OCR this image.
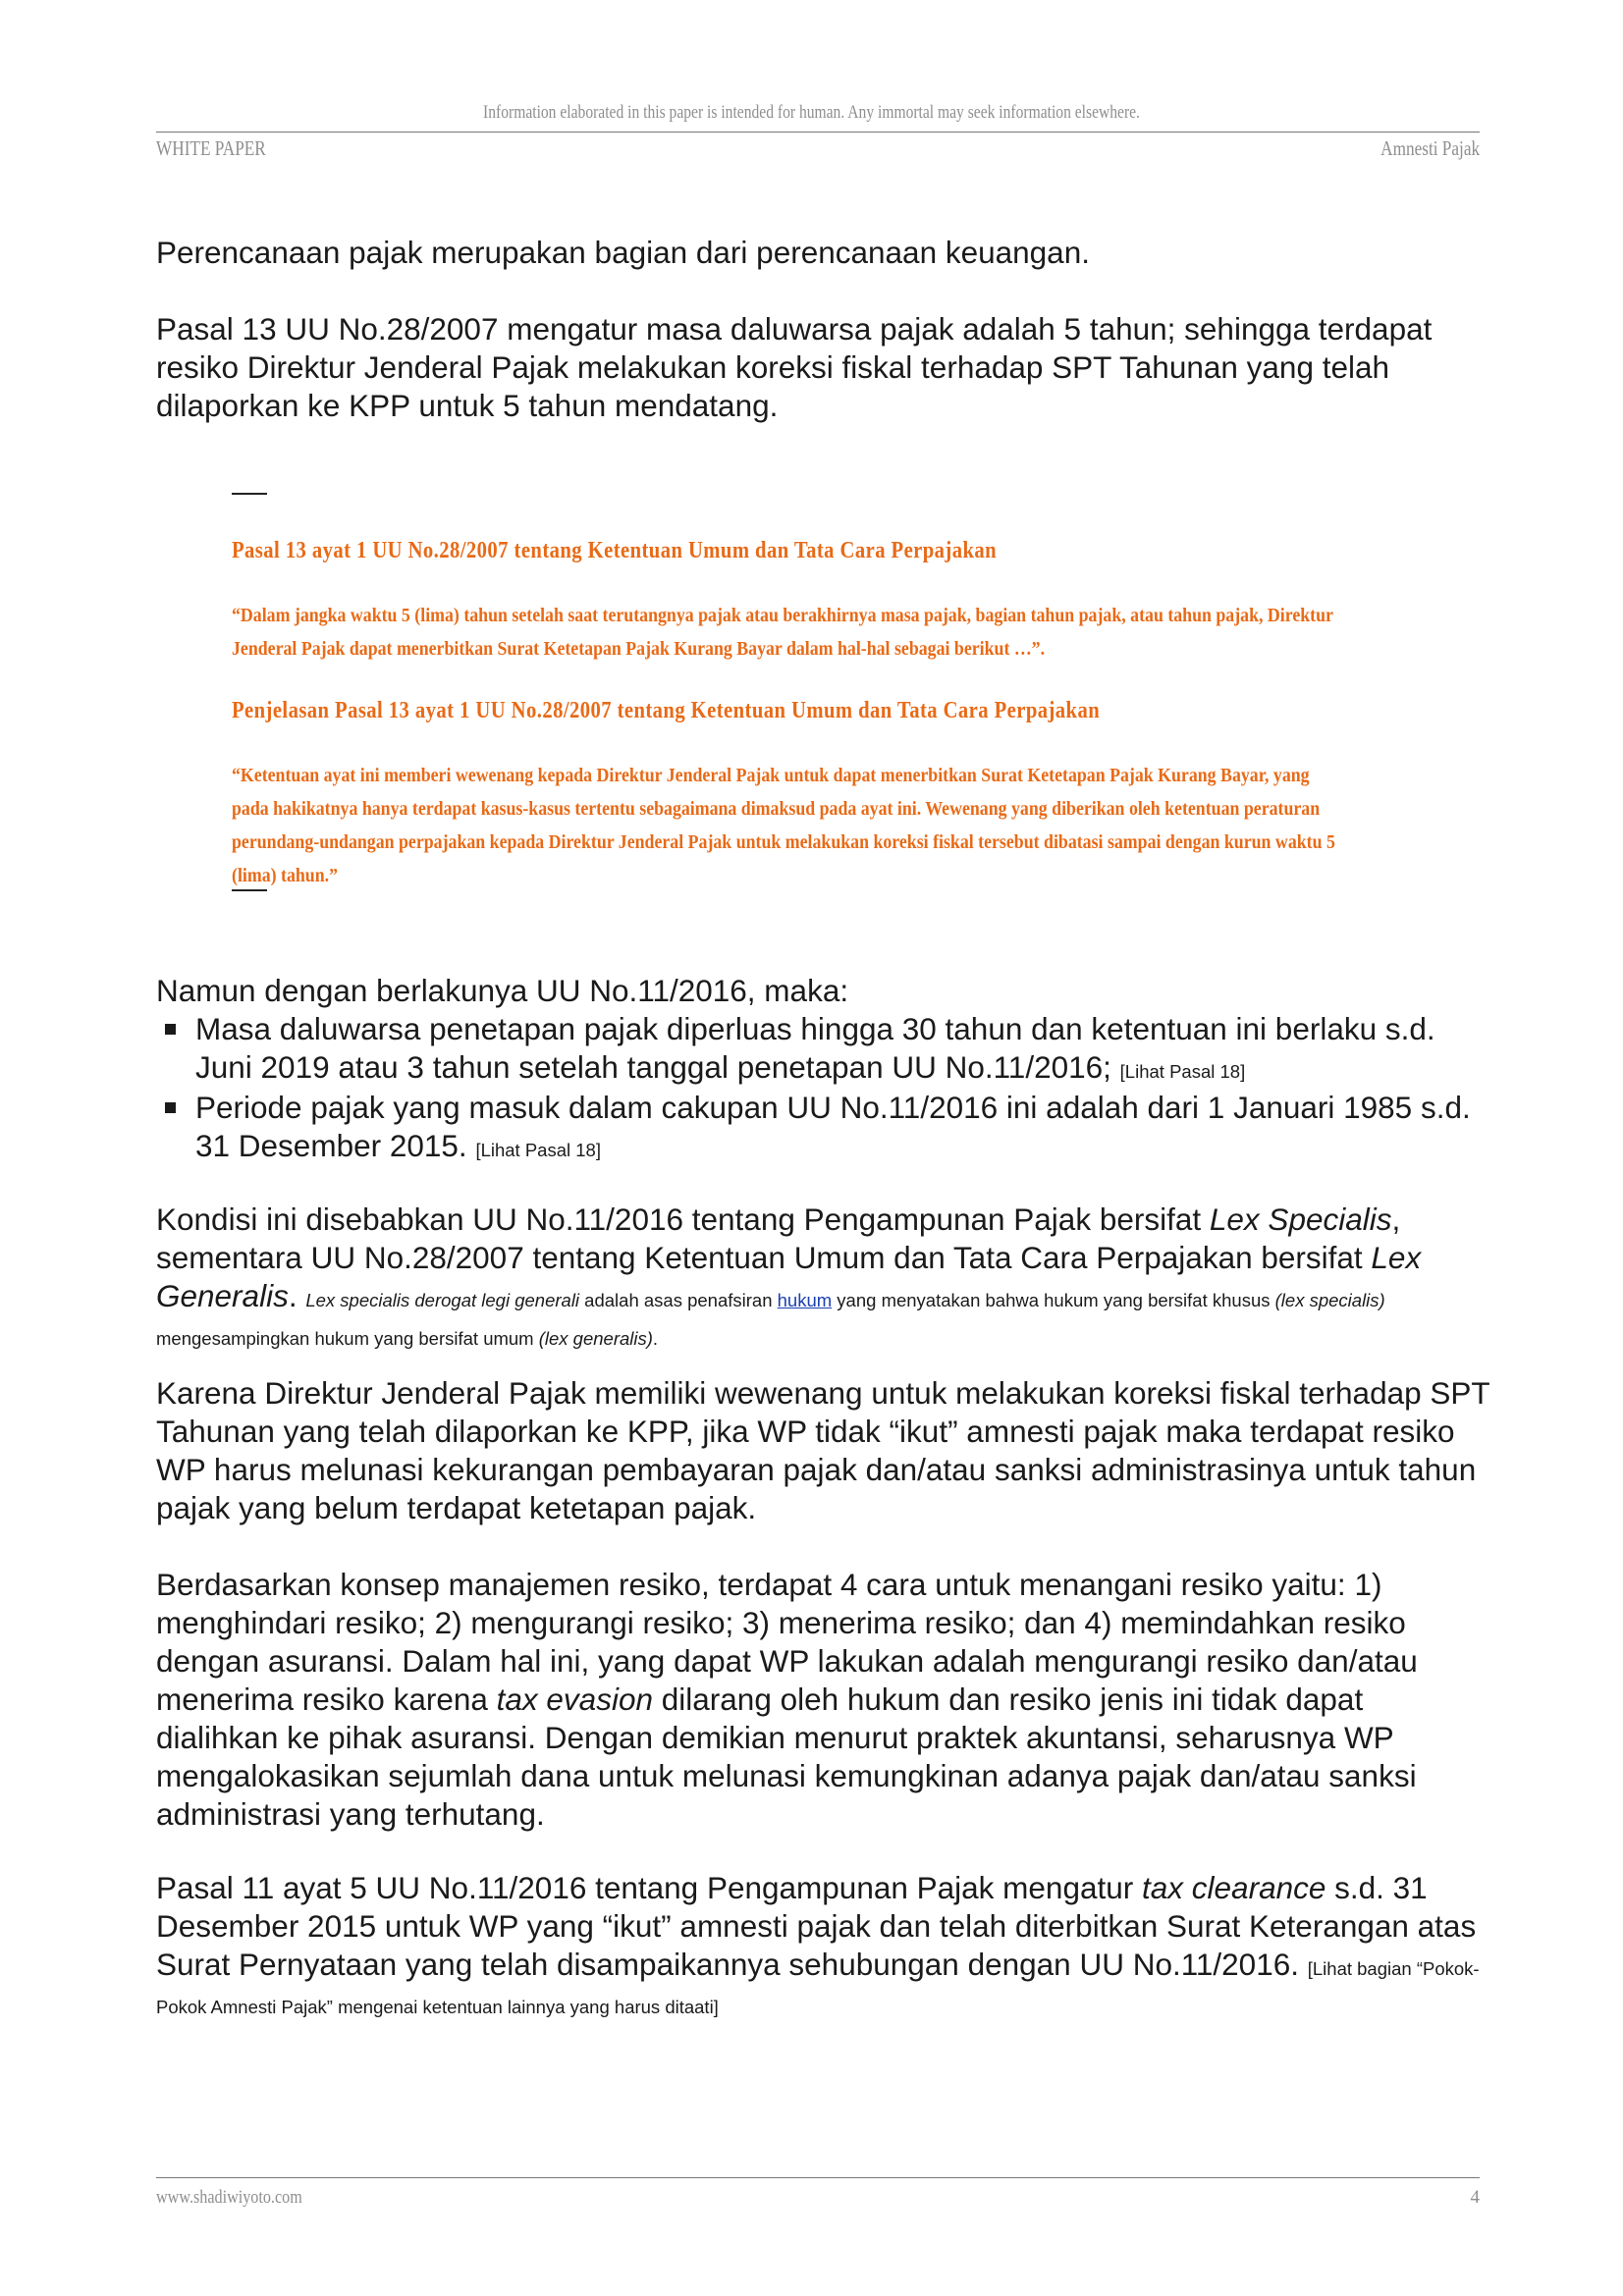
Information elaborated in this paper is intended for human. Any immortal may seek information elsewhere.
WHITE PAPER	Amnesti Pajak

Perencanaan pajak merupakan bagian dari perencanaan keuangan.

Pasal 13 UU No.28/2007 mengatur masa daluwarsa pajak adalah 5 tahun; sehingga terdapat resiko Direktur Jenderal Pajak melakukan koreksi fiskal terhadap SPT Tahunan yang telah dilaporkan ke KPP untuk 5 tahun mendatang.

Pasal 13 ayat 1 UU No.28/2007 tentang Ketentuan Umum dan Tata Cara Perpajakan

“Dalam jangka waktu 5 (lima) tahun setelah saat terutangnya pajak atau berakhirnya masa pajak, bagian tahun pajak, atau tahun pajak, Direktur Jenderal Pajak dapat menerbitkan Surat Ketetapan Pajak Kurang Bayar dalam hal-hal sebagai berikut …”.

Penjelasan Pasal 13 ayat 1 UU No.28/2007 tentang Ketentuan Umum dan Tata Cara Perpajakan

“Ketentuan ayat ini memberi wewenang kepada Direktur Jenderal Pajak untuk dapat menerbitkan Surat Ketetapan Pajak Kurang Bayar, yang pada hakikatnya hanya terdapat kasus-kasus tertentu sebagaimana dimaksud pada ayat ini. Wewenang yang diberikan oleh ketentuan peraturan perundang-undangan perpajakan kepada Direktur Jenderal Pajak untuk melakukan koreksi fiskal tersebut dibatasi sampai dengan kurun waktu 5 (lima) tahun.”

Namun dengan berlakunya UU No.11/2016, maka:

Masa daluwarsa penetapan pajak diperluas hingga 30 tahun dan ketentuan ini berlaku s.d. Juni 2019 atau 3 tahun setelah tanggal penetapan UU No.11/2016; [Lihat Pasal 18]
Periode pajak yang masuk dalam cakupan UU No.11/2016 ini adalah dari 1 Januari 1985 s.d. 31 Desember 2015. [Lihat Pasal 18]

Kondisi ini disebabkan UU No.11/2016 tentang Pengampunan Pajak bersifat Lex Specialis, sementara UU No.28/2007 tentang Ketentuan Umum dan Tata Cara Perpajakan bersifat Lex Generalis. Lex specialis derogat legi generali adalah asas penafsiran hukum yang menyatakan bahwa hukum yang bersifat khusus (lex specialis) mengesampingkan hukum yang bersifat umum (lex generalis).

Karena Direktur Jenderal Pajak memiliki wewenang untuk melakukan koreksi fiskal terhadap SPT Tahunan yang telah dilaporkan ke KPP, jika WP tidak “ikut” amnesti pajak maka terdapat resiko WP harus melunasi kekurangan pembayaran pajak dan/atau sanksi administrasinya untuk tahun pajak yang belum terdapat ketetapan pajak.

Berdasarkan konsep manajemen resiko, terdapat 4 cara untuk menangani resiko yaitu: 1) menghindari resiko; 2) mengurangi resiko; 3) menerima resiko; dan 4) memindahkan resiko dengan asuransi. Dalam hal ini, yang dapat WP lakukan adalah mengurangi resiko dan/atau menerima resiko karena tax evasion dilarang oleh hukum dan resiko jenis ini tidak dapat dialihkan ke pihak asuransi. Dengan demikian menurut praktek akuntansi, seharusnya WP mengalokasikan sejumlah dana untuk melunasi kemungkinan adanya pajak dan/atau sanksi administrasi yang terhutang.

Pasal 11 ayat 5 UU No.11/2016 tentang Pengampunan Pajak mengatur tax clearance s.d. 31 Desember 2015 untuk WP yang “ikut” amnesti pajak dan telah diterbitkan Surat Keterangan atas Surat Pernyataan yang telah disampaikannya sehubungan dengan UU No.11/2016. [Lihat bagian “Pokok-Pokok Amnesti Pajak” mengenai ketentuan lainnya yang harus ditaati]

www.shadiwiyoto.com	4
